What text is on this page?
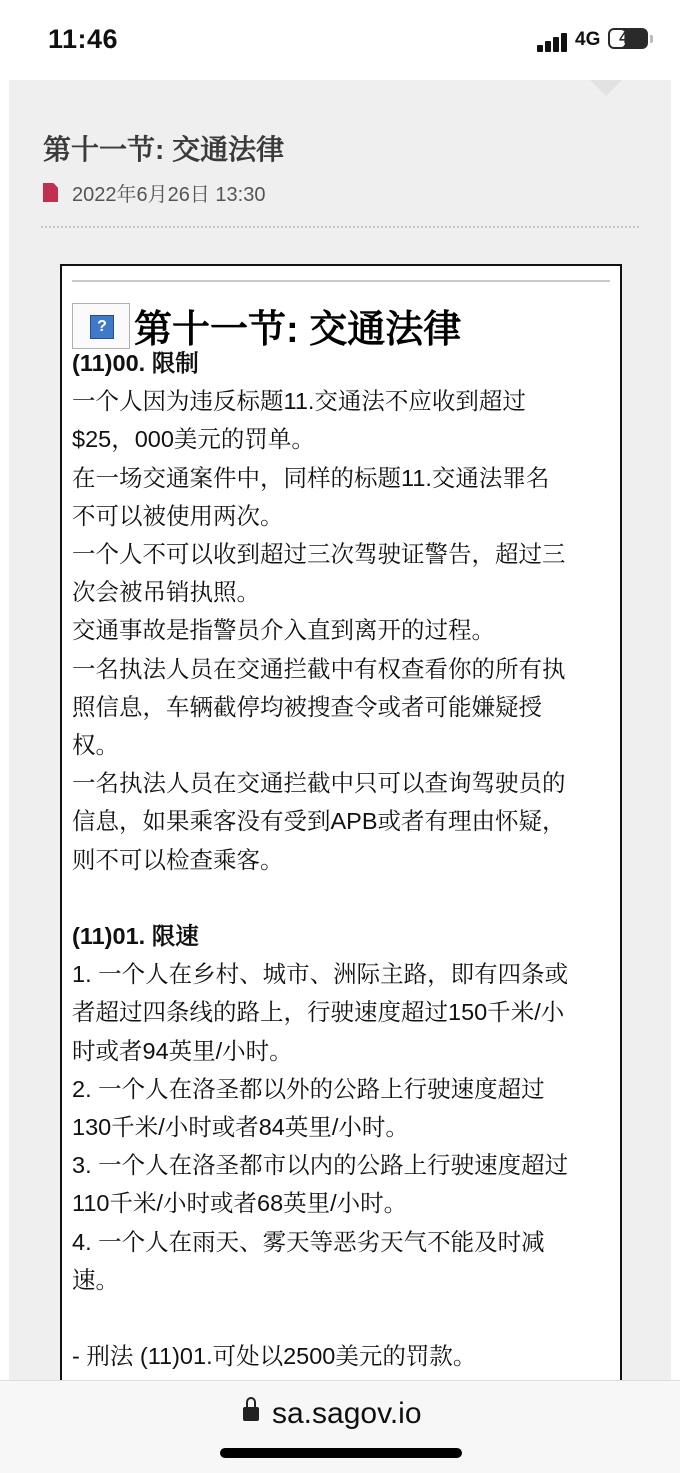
11:46	4G	43
第十一节: 交通法律
2022年6月26日 13:30
? 第十一节: 交通法律

(11)00. 限制

一个人因为违反标题11.交通法不应收到超过

$25，000美元的罚单。

在一场交通案件中，同样的标题11.交通法罪名

不可以被使用两次。

一个人不可以收到超过三次驾驶证警告，超过三

次会被吊销执照。

交通事故是指警员介入直到离开的过程。

一名执法人员在交通拦截中有权查看你的所有执

照信息，车辆截停均被搜查令或者可能嫌疑授

权。

一名执法人员在交通拦截中只可以查询驾驶员的

信息，如果乘客没有受到APB或者有理由怀疑，

则不可以检查乘客。

(11)01. 限速

1. 一个人在乡村、城市、洲际主路，即有四条或

者超过四条线的路上，行驶速度超过150千米/小

时或者94英里/小时。

2. 一个人在洛圣都以外的公路上行驶速度超过

130千米/小时或者84英里/小时。

3. 一个人在洛圣都市以内的公路上行驶速度超过

110千米/小时或者68英里/小时。

4. 一个人在雨天、雾天等恶劣天气不能及时减

速。

- 刑法 (11)01.可处以2500美元的罚款。

sa.sagov.io
